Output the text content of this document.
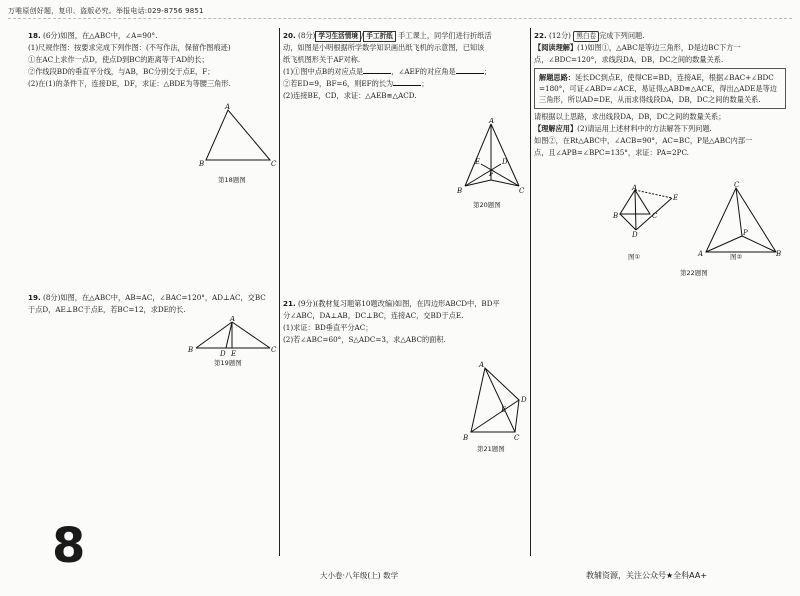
万唯原创好题，复印、盗版必究。举报电话:029-8756 9851

18. (6分)如图，在△ABC中，∠A=90°.

(1)尺规作图：按要求完成下列作图：(不写作法，保留作图痕迹)

①在AC上求作一点D，使点D到BC的距离等于AD的长；

②作线段BD的垂直平分线，与AB，BC分别交于点E，F；

(2)在(1)的条件下，连接DE，DF，求证：△BDE为等腰三角形.

A
B	C
第18题图

19. (8分)如图，在△ABC中，AB=AC，∠BAC=120°，AD⊥AC，交BC

于点D，AE⊥BC于点E，若BC=12，求DE的长.

A
B	C
D E
第19题图

20. (8分) 学习生活情境 / 手工折纸 手工课上，同学们进行折纸活

动，如图是小明根据所学数学知识画出纸飞机的示意图，已知该

纸飞机图形关于AF对称.

(1)①图中点B的对应点是	，∠AEF的对应角是	；

②若ED=9，BF=6，则EF的长为	；

(2)连接BE，CD，求证：△AEB≌△ACD.

A
B	C
D
E
F
第20题图

21. (9分)(教材复习题第10题改编)如图，在四边形ABCD中，BD平

分∠ABC，DA⊥AB，DC⊥BC，连接AC，交BD于点E.

(1)求证：BD垂直平分AC；

(2)若∠ABC=60°，S△ADC=3，求△ABC的面积.

A
B	C
D
E
第21题图

22. (12分) 黑白卷 完成下列问题.

【阅读理解】(1)如图①，△ABC是等边三角形，D是边BC下方一

点，∠BDC=120°，求线段DA，DB，DC之间的数量关系.

解题思路：延长DC到点E，使得CE=BD，连接AE，根据∠BAC+∠BDC

=180°，可证∠ABD=∠ACE，易证得△ABD≌△ACE，得出△ADE是等边

三角形，所以AD=DE，从而求得线段DA，DB，DC之间的数量关系.

请根据以上思路，求出线段DA，DB，DC之间的数量关系；

【理解应用】(2)请运用上述材料中的方法解答下列问题.

如图②，在Rt△ABC中，∠ACB=90°，AC=BC，P是△ABC内部一

点，且∠APB=∠BPC=135°，求证：PA=2PC.

A
B	C
D
E
图①
C
A	B
P
图②
第22题图
8
大小卷·八年级(上) 数学	教辅资源，关注公众号★全科AA+
